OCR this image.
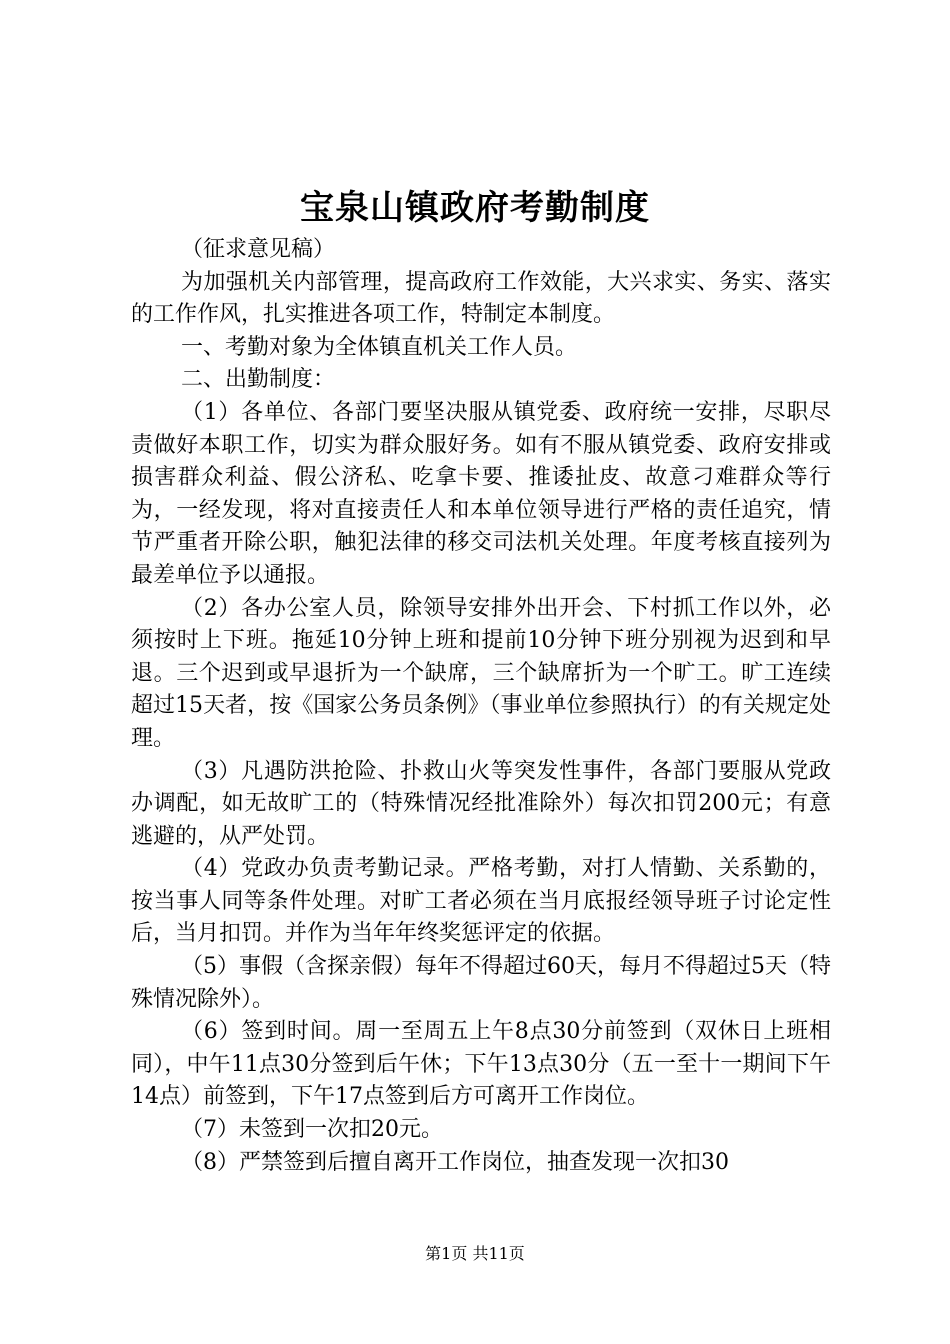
宝泉山镇政府考勤制度

（征求意见稿）

为加强机关内部管理，提高政府工作效能，大兴求实、务实、落实的工作作风，扎实推进各项工作，特制定本制度。

一、考勤对象为全体镇直机关工作人员。

二、出勤制度：

（1）各单位、各部门要坚决服从镇党委、政府统一安排，尽职尽责做好本职工作，切实为群众服好务。如有不服从镇党委、政府安排或损害群众利益、假公济私、吃拿卡要、推诿扯皮、故意刁难群众等行为，一经发现，将对直接责任人和本单位领导进行严格的责任追究，情节严重者开除公职，触犯法律的移交司法机关处理。年度考核直接列为最差单位予以通报。

（2）各办公室人员，除领导安排外出开会、下村抓工作以外，必须按时上下班。拖延10分钟上班和提前10分钟下班分别视为迟到和早退。三个迟到或早退折为一个缺席，三个缺席折为一个旷工。旷工连续超过15天者，按《国家公务员条例》（事业单位参照执行）的有关规定处理。

（3）凡遇防洪抢险、扑救山火等突发性事件，各部门要服从党政办调配，如无故旷工的（特殊情况经批准除外）每次扣罚200元；有意逃避的，从严处罚。

（4）党政办负责考勤记录。严格考勤，对打人情勤、关系勤的，按当事人同等条件处理。对旷工者必须在当月底报经领导班子讨论定性后，当月扣罚。并作为当年年终奖惩评定的依据。

（5）事假（含探亲假）每年不得超过60天，每月不得超过5天（特殊情况除外）。

（6）签到时间。周一至周五上午8点30分前签到（双休日上班相同），中午11点30分签到后午休；下午13点30分（五一至十一期间下午14点）前签到，下午17点签到后方可离开工作岗位。

（7）未签到一次扣20元。

（8）严禁签到后擅自离开工作岗位，抽查发现一次扣30

第1页 共11页
